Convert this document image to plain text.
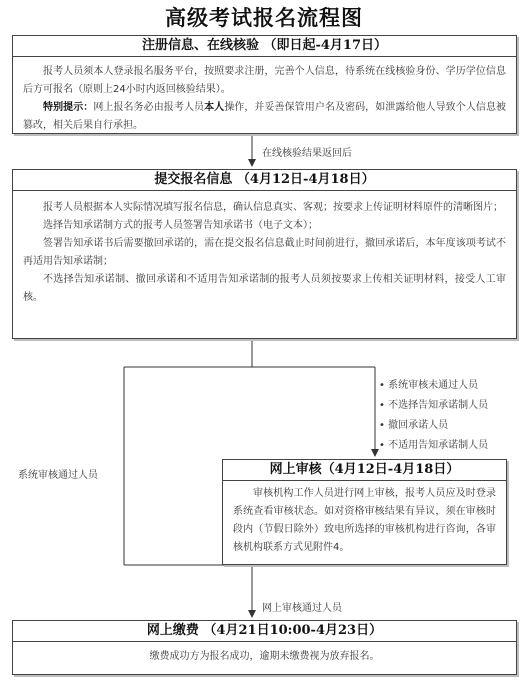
高级考试报名流程图
注册信息、在线核验 （即日起-4月17日）

报考人员须本人登录报名服务平台，按照要求注册，完善个人信息，待系统在线核验身份、学历学位信息后方可报名（原则上24小时内返回核验结果）。

特别提示：网上报名务必由报考人员本人操作，并妥善保管用户名及密码，如泄露给他人导致个人信息被篡改，相关后果自行承担。

在线核验结果返回后
提交报名信息 （4月12日-4月18日）

报考人员根据本人实际情况填写报名信息，确认信息真实、客观；按要求上传证明材料原件的清晰图片；

选择告知承诺制方式的报考人员签署告知承诺书（电子文本）；

签署告知承诺书后需要撤回承诺的，需在提交报名信息截止时间前进行，撤回承诺后，本年度该项考试不再适用告知承诺制；

不选择告知承诺制、撤回承诺和不适用告知承诺制的报考人员须按要求上传相关证明材料，接受人工审核。

• 系统审核未通过人员
• 不选择告知承诺制人员
• 撤回承诺人员
• 不适用告知承诺制人员
系统审核通过人员	网上审核（4月12日-4月18日）

审核机构工作人员进行网上审核，报考人员应及时登录系统查看审核状态。如对资格审核结果有异议，须在审核时段内（节假日除外）致电所选择的审核机构进行咨询，各审核机构联系方式见附件4。

网上审核通过人员
网上缴费 （4月21日10:00-4月23日）
缴费成功方为报名成功，逾期未缴费视为放弃报名。
